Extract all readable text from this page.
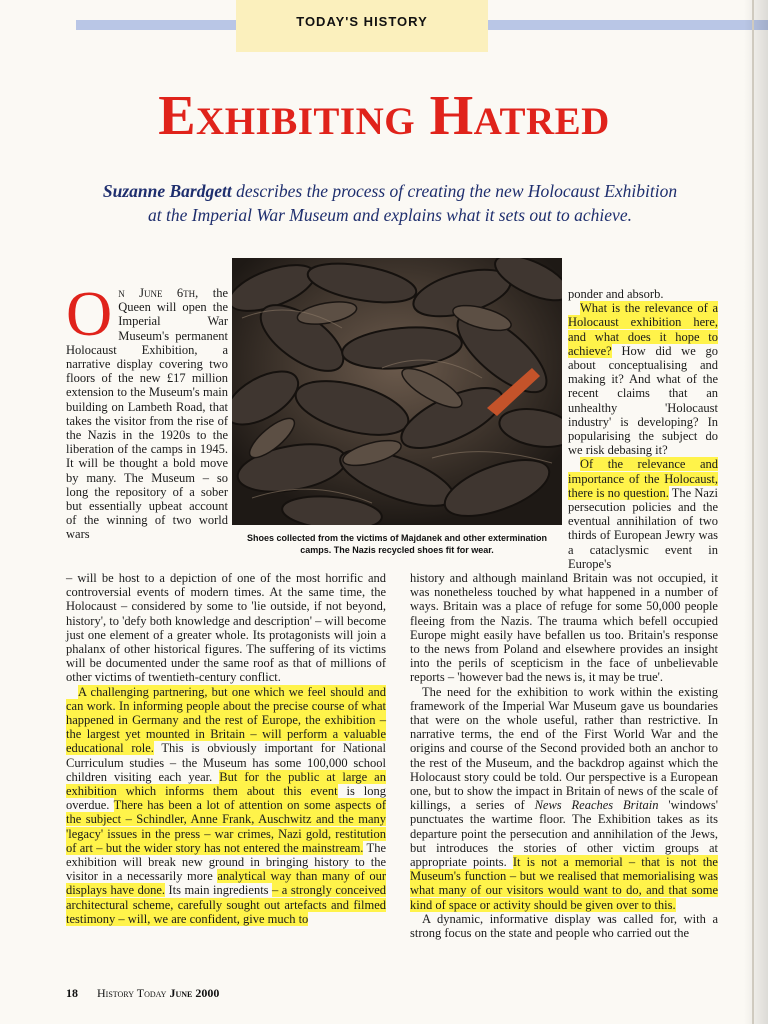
TODAY'S HISTORY
Exhibiting Hatred
Suzanne Bardgett describes the process of creating the new Holocaust Exhibition at the Imperial War Museum and explains what it sets out to achieve.
Shoes collected from the victims of Majdanek and other extermination camps. The Nazis recycled shoes fit for wear.
On June 6th, the Queen will open the Imperial War Museum's permanent Holocaust Exhibition, a narrative display covering two floors of the new £17 million extension to the Museum's main building on Lambeth Road, that takes the visitor from the rise of the Nazis in the 1920s to the liberation of the camps in 1945. It will be thought a bold move by many. The Museum – so long the repository of a sober but essentially upbeat account of the winning of two world wars

– will be host to a depiction of one of the most horrific and controversial events of modern times. At the same time, the Holocaust – considered by some to 'lie outside, if not beyond, history', to 'defy both knowledge and description' – will become just one element of a greater whole. Its protagonists will join a phalanx of other historical figures. The suffering of its victims will be documented under the same roof as that of millions of other victims of twentieth-century conflict.

A challenging partnering, but one which we feel should and can work. In informing people about the precise course of what happened in Germany and the rest of Europe, the exhibition – the largest yet mounted in Britain – will perform a valuable educational role. This is obviously important for National Curriculum studies – the Museum has some 100,000 school children visiting each year. But for the public at large an exhibition which informs them about this event is long overdue. There has been a lot of attention on some aspects of the subject – Schindler, Anne Frank, Auschwitz and the many 'legacy' issues in the press – war crimes, Nazi gold, restitution of art – but the wider story has not entered the mainstream. The exhibition will break new ground in bringing history to the visitor in a necessarily more analytical way than many of our displays have done. Its main ingredients – a strongly conceived architectural scheme, carefully sought out artefacts and filmed testimony – will, we are confident, give much to

ponder and absorb.

What is the relevance of a Holocaust exhibition here, and what does it hope to achieve? How did we go about conceptualising and making it? And what of the recent claims that an unhealthy 'Holocaust industry' is developing? In popularising the subject do we risk debasing it?

Of the relevance and importance of the Holocaust, there is no question. The Nazi persecution policies and the eventual annihilation of two thirds of European Jewry was a cataclysmic event in Europe's

history and although mainland Britain was not occupied, it was nonetheless touched by what happened in a number of ways. Britain was a place of refuge for some 50,000 people fleeing from the Nazis. The trauma which befell occupied Europe might easily have befallen us too. Britain's response to the news from Poland and elsewhere provides an insight into the perils of scepticism in the face of unbelievable reports – 'however bad the news is, it may be true'.

The need for the exhibition to work within the existing framework of the Imperial War Museum gave us boundaries that were on the whole useful, rather than restrictive. In narrative terms, the end of the First World War and the origins and course of the Second provided both an anchor to the rest of the Museum, and the backdrop against which the Holocaust story could be told. Our perspective is a European one, but to show the impact in Britain of news of the scale of killings, a series of News Reaches Britain 'windows' punctuates the wartime floor. The Exhibition takes as its departure point the persecution and annihilation of the Jews, but introduces the stories of other victim groups at appropriate points. It is not a memorial – that is not the Museum's function – but we realised that memorialising was what many of our visitors would want to do, and that some kind of space or activity should be given over to this.

A dynamic, informative display was called for, with a strong focus on the state and people who carried out the

18 History Today June 2000
